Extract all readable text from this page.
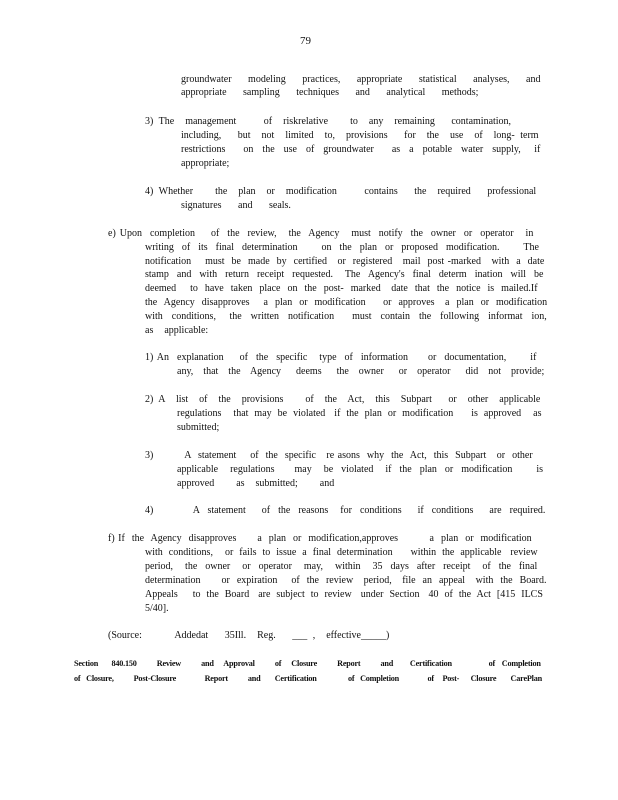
79
groundwater   modeling   practices,   appropriate   statistical   analyses,   and
appropriate   sampling   techniques   and   analytical   methods;
3) The  management     of  riskrelative    to  any  remaining   contamination,
including,   but  not  limited  to,  provisions   for  the  use  of  long- term
restrictions    on  the  use  of  groundwater    as  a  potable  water  supply,   if
appropriate;
4) Whether    the  plan  or  modification     contains   the  required   professional
signatures   and   seals.
e) Upon  completion    of  the  review,   the  Agency   must  notify  the  owner  or  operator   in
writing  of  its  final  determination      on  the  plan  or  proposed  modification.      The
notification    must  be  made  by  certified   or  registered   mail  post -marked   with  a  date
stamp  and  with  return  receipt  requested.   The  Agency's  final  determ  ination  will  be
deemed    to  have  taken  place  on  the  post-  marked   date  that  the  notice  is  mailed.If
the  Agency  disapproves    a  plan  or  modification     or  approves   a  plan  or  modification
with  conditions,   the  written  notification    must  contain  the  following  informat  ion,
as  applicable:
1) An  explanation    of  the  specific   type  of  information     or  documentation,      if
any,  that  the  Agency   deems   the  owner   or  operator   did  not  provide;
2) A  list  of  the  provisions    of  the  Act,  this  Subpart   or  other  applicable
regulations    that  may  be  violated   if  the  plan  or  modification      is  approved    as
submitted;
3)         A  statement    of  the  specific   re asons  why  the  Act,  this  Subpart   or  other
applicable   regulations     may   be  violated   if  the  plan  or  modification      is
approved    as  submitted;    and
4)          A  statement    of  the  reasons   for  conditions    if  conditions    are  required.
f) If  the  Agency  disapproves      a  plan  or  modification,approves         a  plan  or  modification
with  conditions,    or  fails  to  issue  a  final  determination      within  the  applicable   review
period,   the  owner   or  operator   may,   within   35  days  after  receipt   of  the  final
determination      or  expiration    of  the  review   period,   file  an  appeal   with  the  Board.
Appeals     to  the  Board   are  subject  to  review   under  Section   40  of  the  Act  [415  ILCS
5/40].
(Source:      Addedat   35Ill.  Reg.   ___ ,  effective_____)
Section    840.150      Review      and   Approval      of   Closure      Report      and     Certification           of  Completion
of  Closure,       Post-Closure          Report       and     Certification           of  Completion          of   Post-    Closure     CarePlan
